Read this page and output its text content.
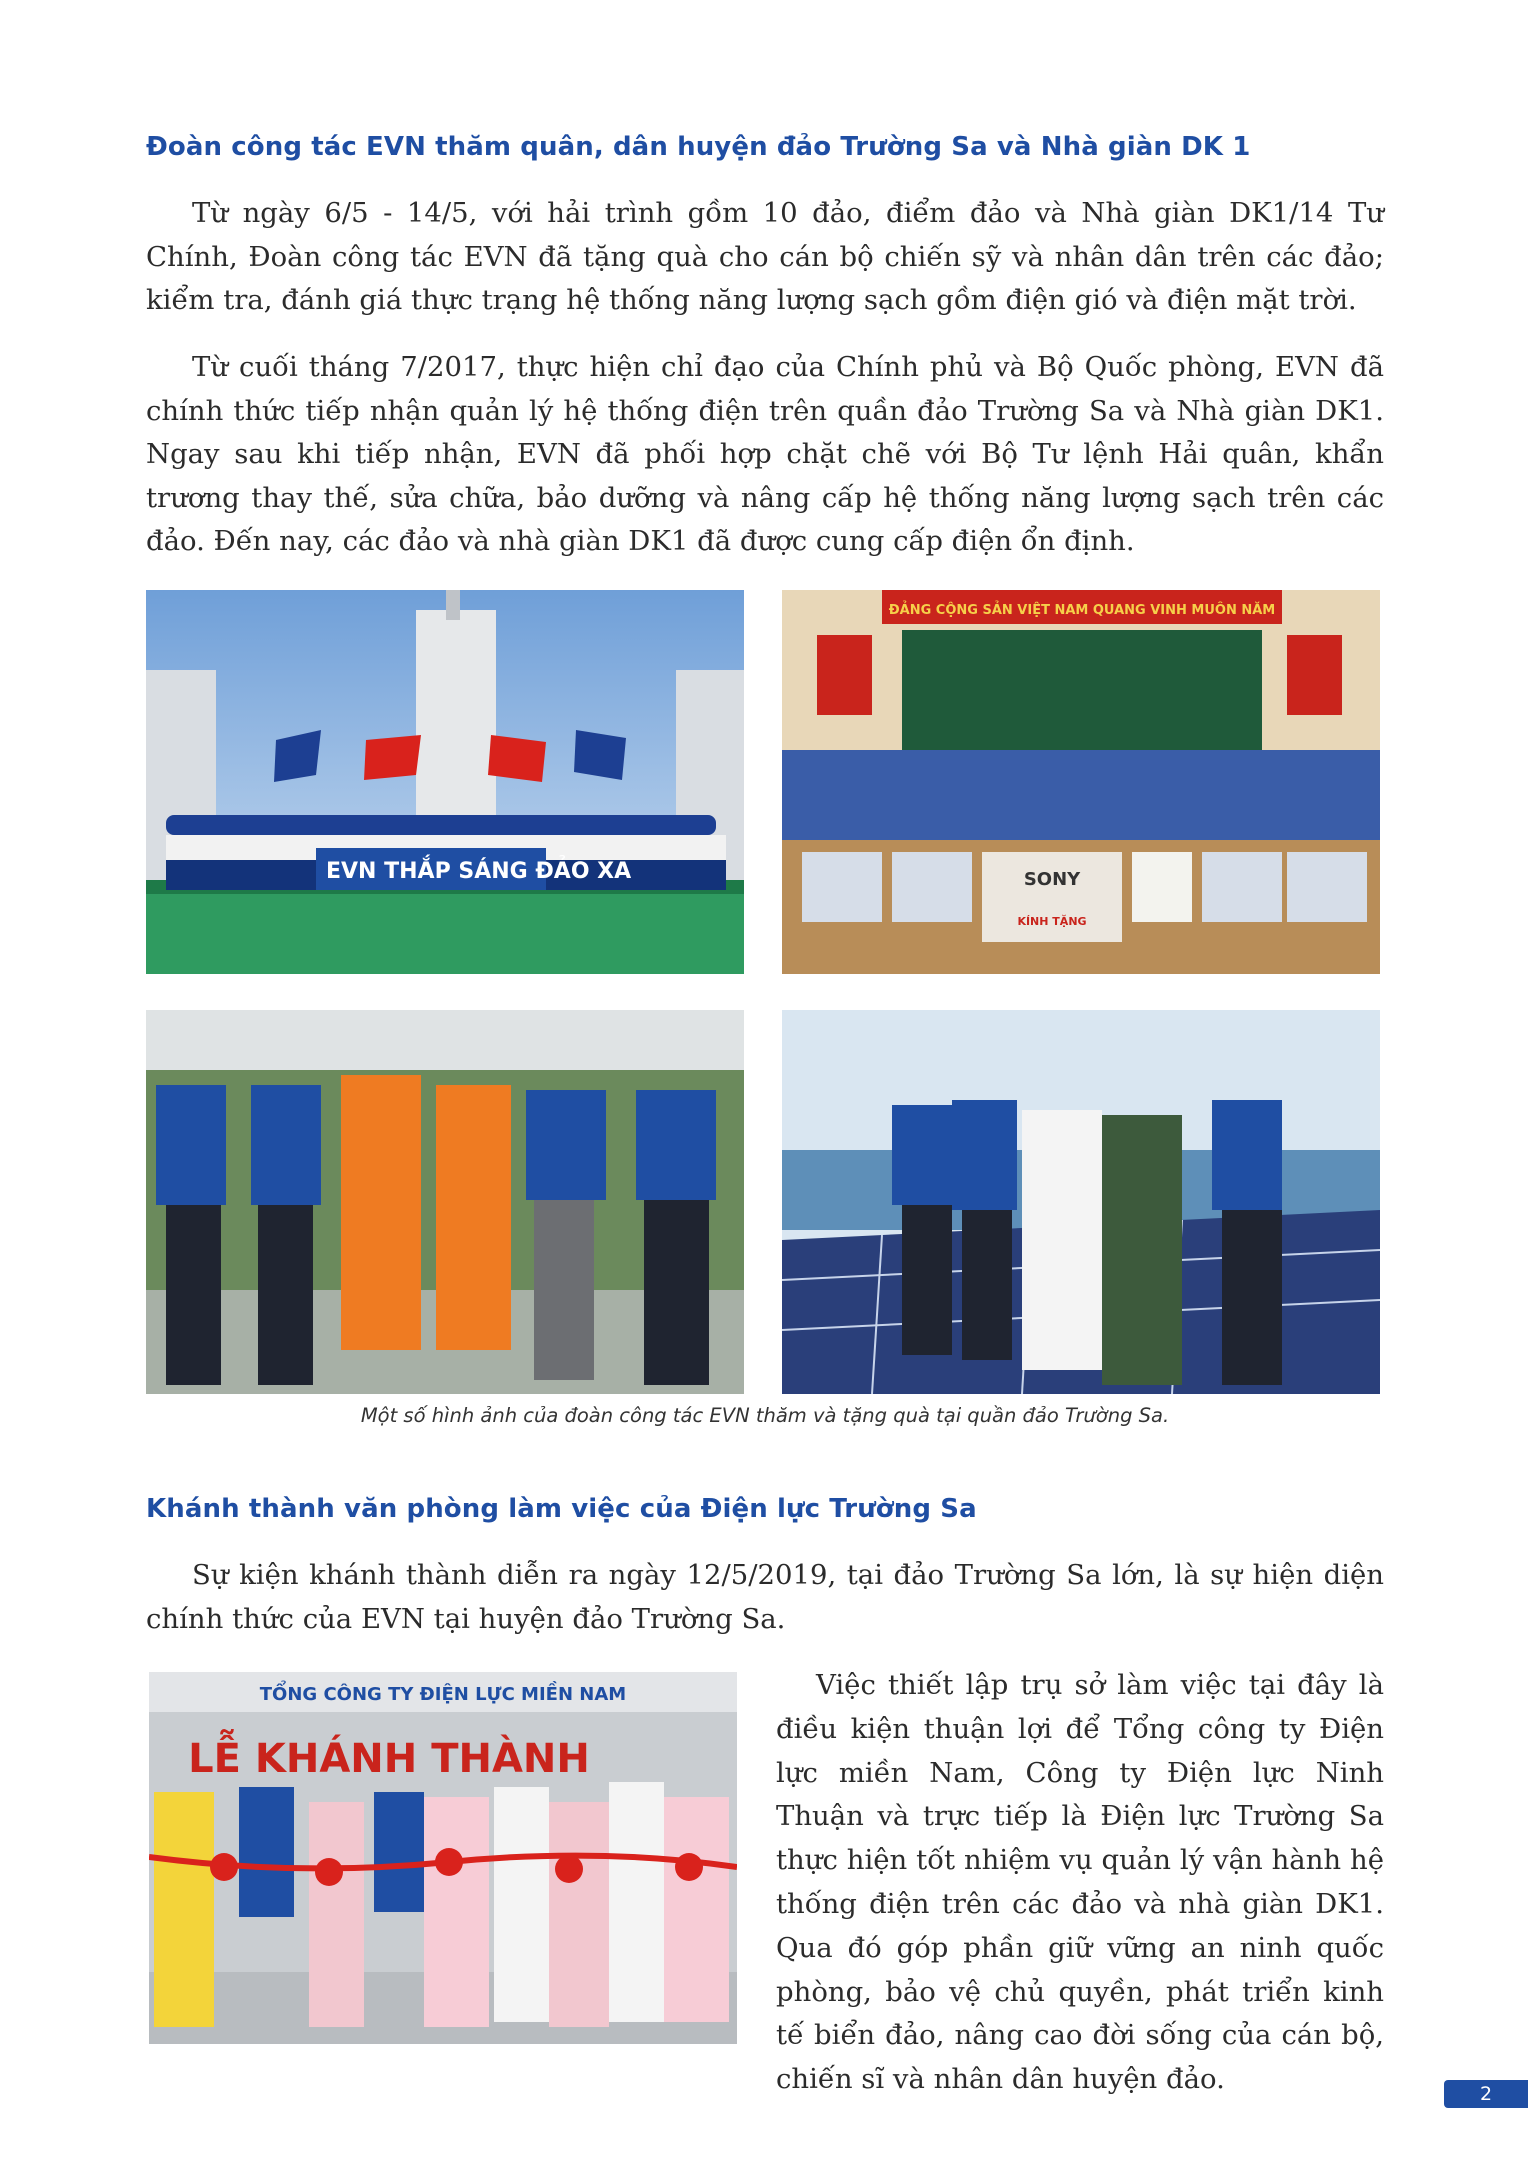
Đoàn công tác EVN thăm quân, dân huyện đảo Trường Sa và Nhà giàn DK 1

Từ ngày 6/5 - 14/5, với hải trình gồm 10 đảo, điểm đảo và Nhà giàn DK1/14 Tư Chính, Đoàn công tác EVN đã tặng quà cho cán bộ chiến sỹ và nhân dân trên các đảo; kiểm tra, đánh giá thực trạng hệ thống năng lượng sạch gồm điện gió và điện mặt trời.

Từ cuối tháng 7/2017, thực hiện chỉ đạo của Chính phủ và Bộ Quốc phòng, EVN đã chính thức tiếp nhận quản lý hệ thống điện trên quần đảo Trường Sa và Nhà giàn DK1. Ngay sau khi tiếp nhận, EVN đã phối hợp chặt chẽ với Bộ Tư lệnh Hải quân, khẩn trương thay thế, sửa chữa, bảo dưỡng và nâng cấp hệ thống năng lượng sạch trên các đảo. Đến nay, các đảo và nhà giàn DK1 đã được cung cấp điện ổn định.

EVN THẮP SÁNG ĐẢO XA
ĐẢNG CỘNG SẢN VIỆT NAM QUANG VINH MUÔN NĂM
SONY
KÍNH TẶNG

Một số hình ảnh của đoàn công tác EVN thăm và tặng quà tại quần đảo Trường Sa.

Khánh thành văn phòng làm việc của Điện lực Trường Sa

Sự kiện khánh thành diễn ra ngày 12/5/2019, tại đảo Trường Sa lớn, là sự hiện diện chính thức của EVN tại huyện đảo Trường Sa.

TỔNG CÔNG TY ĐIỆN LỰC MIỀN NAM
LỄ KHÁNH THÀNH

Việc thiết lập trụ sở làm việc tại đây là điều kiện thuận lợi để Tổng công ty Điện lực miền Nam, Công ty Điện lực Ninh Thuận và trực tiếp là Điện lực Trường Sa thực hiện tốt nhiệm vụ quản lý vận hành hệ thống điện trên các đảo và nhà giàn DK1. Qua đó góp phần giữ vững an ninh quốc phòng, bảo vệ chủ quyền, phát triển kinh tế biển đảo, nâng cao đời sống của cán bộ, chiến sĩ và nhân dân huyện đảo.	2
